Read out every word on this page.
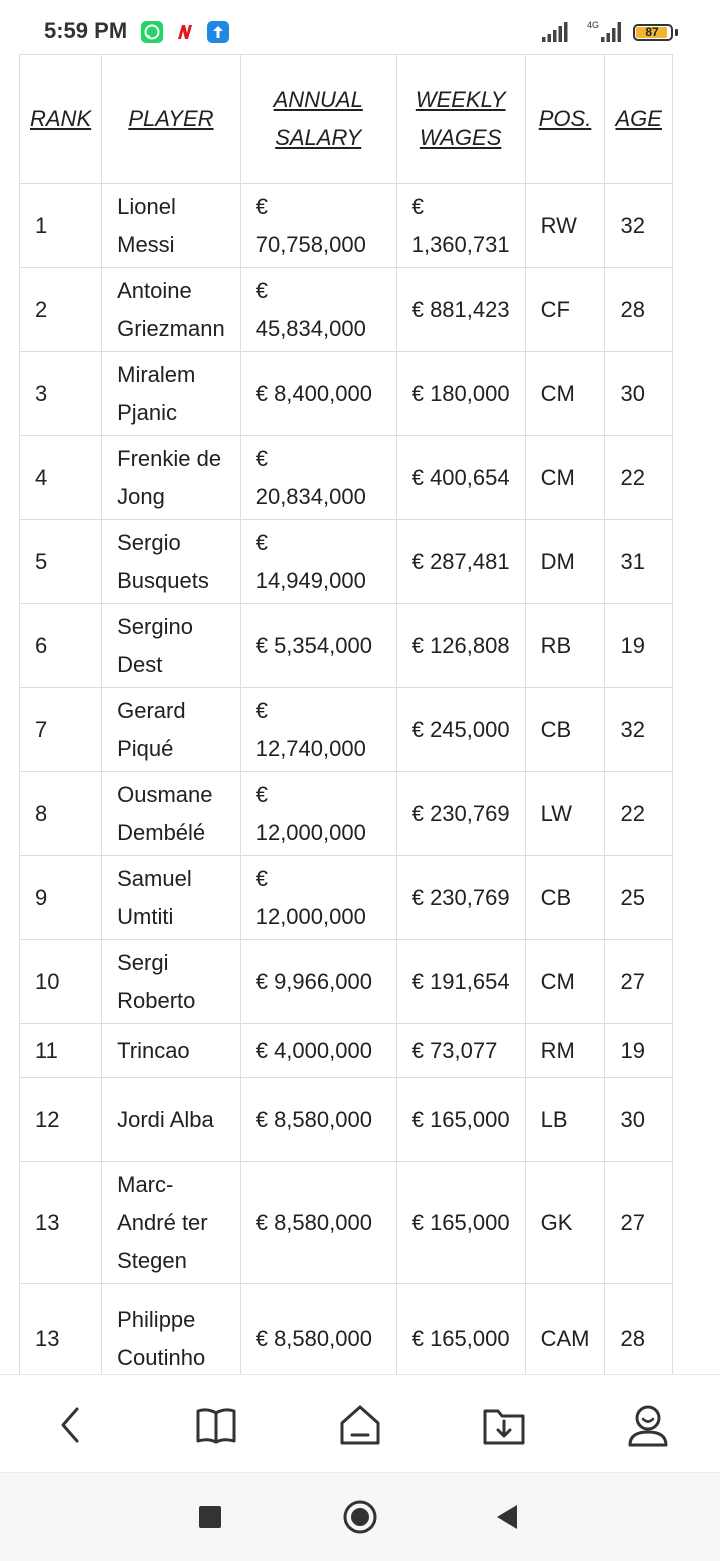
5:59 PM	4G	87
RANK	PLAYER	ANNUAL SALARY	WEEKLY WAGES	POS.	AGE
1	Lionel Messi	€ 70,758,000	€ 1,360,731	RW	32
2	Antoine Griezmann	€ 45,834,000	€ 881,423	CF	28
3	Miralem Pjanic	€ 8,400,000	€ 180,000	CM	30
4	Frenkie de Jong	€ 20,834,000	€ 400,654	CM	22
5	Sergio Busquets	€ 14,949,000	€ 287,481	DM	31
6	Sergino Dest	€ 5,354,000	€ 126,808	RB	19
7	Gerard Piqué	€ 12,740,000	€ 245,000	CB	32
8	Ousmane Dembélé	€ 12,000,000	€ 230,769	LW	22
9	Samuel Umtiti	€ 12,000,000	€ 230,769	CB	25
10	Sergi Roberto	€ 9,966,000	€ 191,654	CM	27
11	Trincao	€ 4,000,000	€ 73,077	RM	19
12	Jordi Alba	€ 8,580,000	€ 165,000	LB	30
13	Marc-André ter Stegen	€ 8,580,000	€ 165,000	GK	27
13	Philippe Coutinho	€ 8,580,000	€ 165,000	CAM	28
